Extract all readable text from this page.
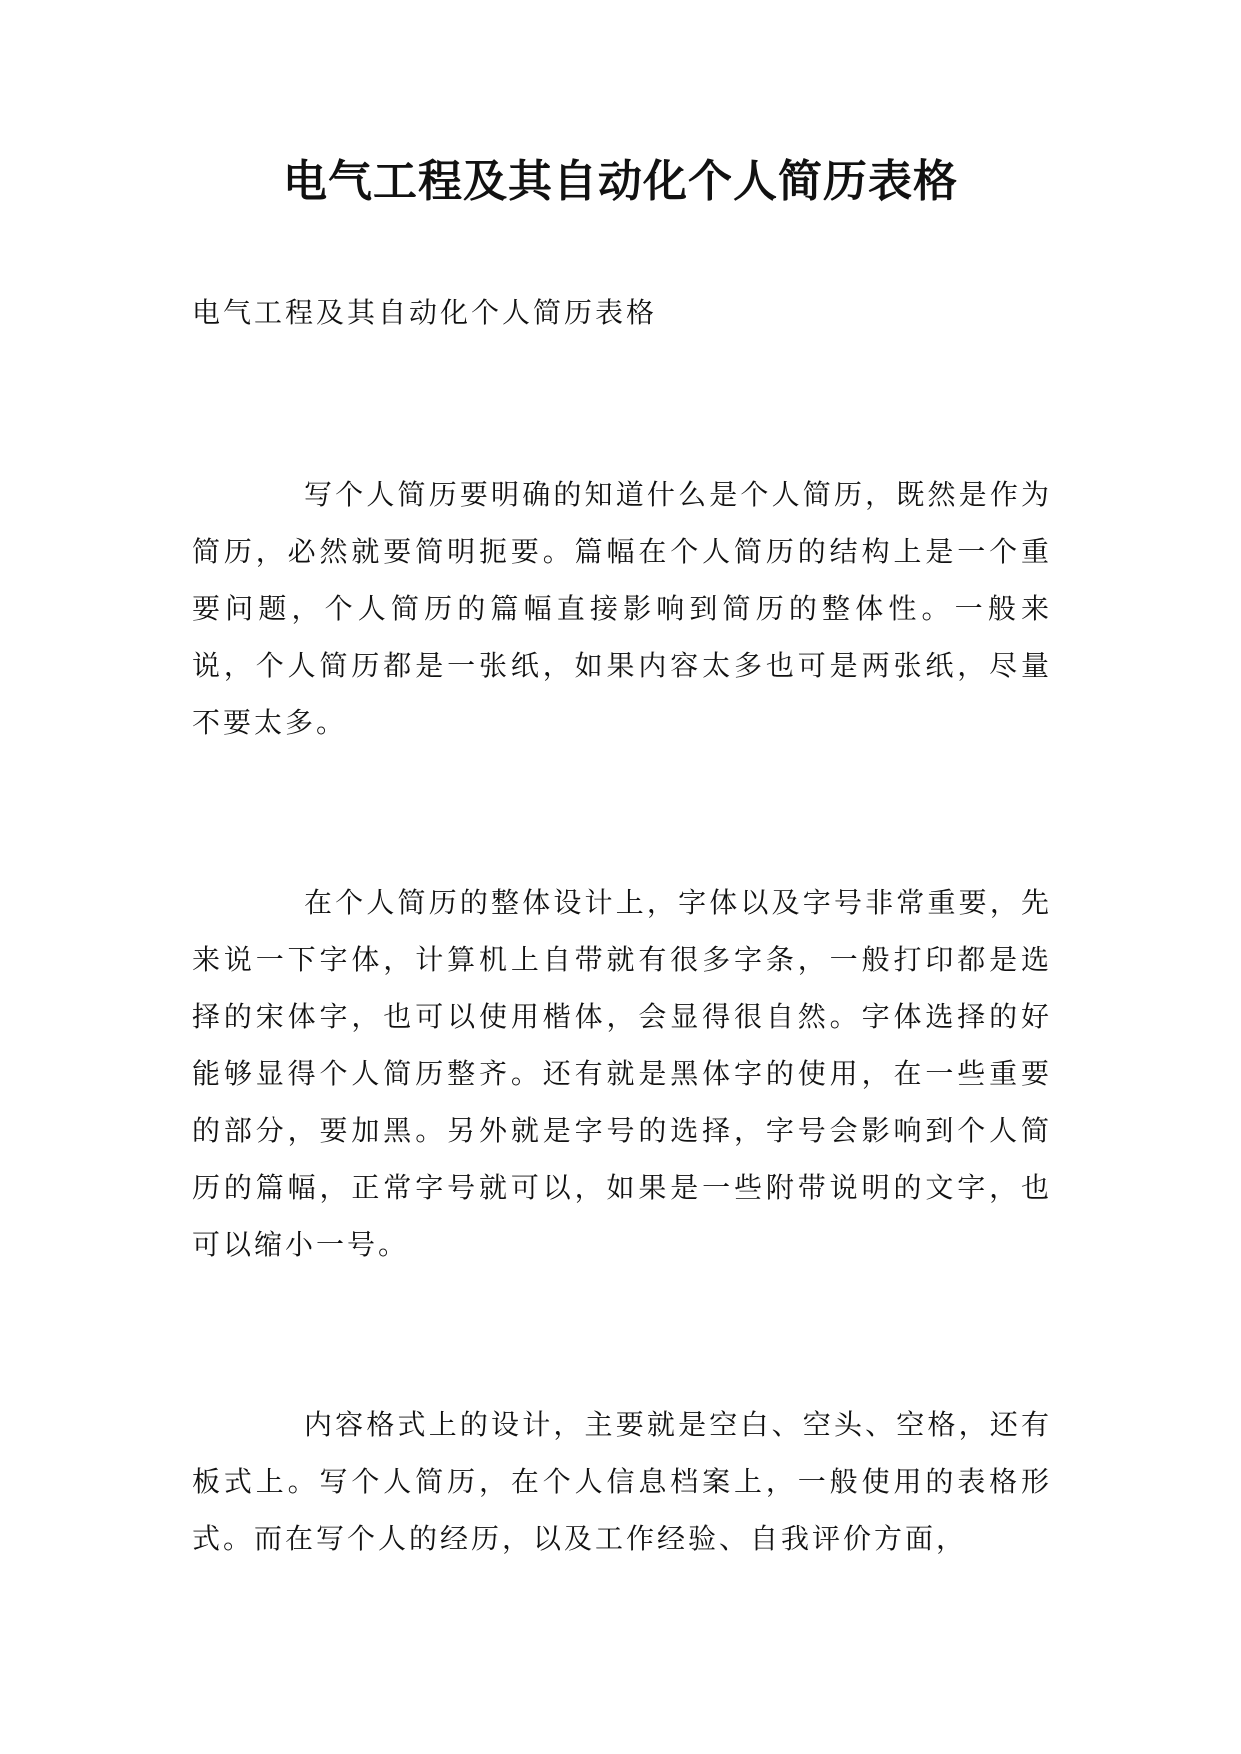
电气工程及其自动化个人简历表格

电气工程及其自动化个人简历表格

写个人简历要明确的知道什么是个人简历，既然是作为简历，必然就要简明扼要。篇幅在个人简历的结构上是一个重要问题，个人简历的篇幅直接影响到简历的整体性。一般来说，个人简历都是一张纸，如果内容太多也可是两张纸，尽量不要太多。

在个人简历的整体设计上，字体以及字号非常重要，先来说一下字体，计算机上自带就有很多字条，一般打印都是选择的宋体字，也可以使用楷体，会显得很自然。字体选择的好能够显得个人简历整齐。还有就是黑体字的使用，在一些重要的部分，要加黑。另外就是字号的选择，字号会影响到个人简历的篇幅，正常字号就可以，如果是一些附带说明的文字，也可以缩小一号。

内容格式上的设计，主要就是空白、空头、空格，还有板式上。写个人简历，在个人信息档案上，一般使用的表格形式。而在写个人的经历，以及工作经验、自我评价方面，
